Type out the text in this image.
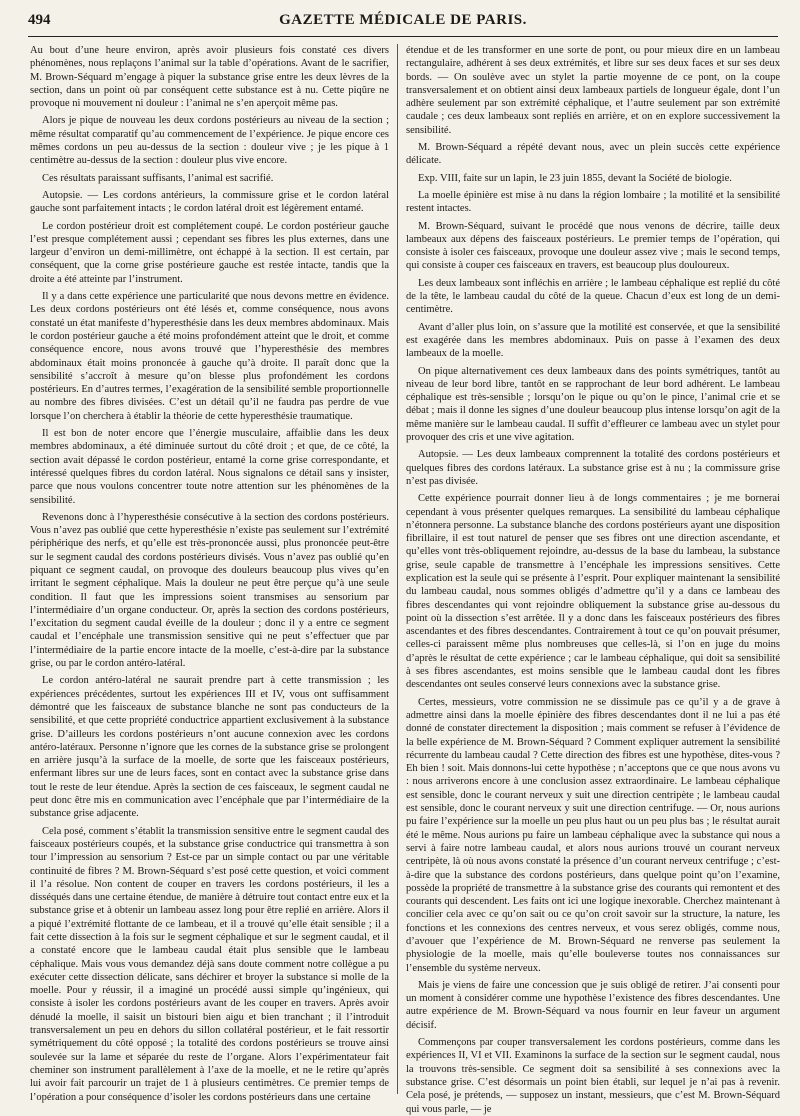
494	GAZETTE MÉDICALE DE PARIS.

Au bout d’une heure environ, après avoir plusieurs fois constaté ces divers phénomènes, nous replaçons l’animal sur la table d’opérations. Avant de le sacrifier, M. Brown-Séquard m’engage à piquer la substance grise entre les deux lèvres de la section, dans un point où par conséquent cette substance est à nu. Cette piqûre ne provoque ni mouvement ni douleur : l’animal ne s’en aperçoit même pas.

Alors je pique de nouveau les deux cordons postérieurs au niveau de la section ; même résultat comparatif qu’au commencement de l’expérience. Je pique encore ces mêmes cordons un peu au-dessus de la section : douleur vive ; je les pique à 1 centimètre au-dessus de la section : douleur plus vive encore.

Ces résultats paraissant suffisants, l’animal est sacrifié.

Autopsie. — Les cordons antérieurs, la commissure grise et le cordon latéral gauche sont parfaitement intacts ; le cordon latéral droit est légèrement entamé.

Le cordon postérieur droit est complétement coupé. Le cordon postérieur gauche l’est presque complétement aussi ; cependant ses fibres les plus externes, dans une largeur d’environ un demi-millimètre, ont échappé à la section. Il est certain, par conséquent, que la corne grise postérieure gauche est restée intacte, tandis que la droite a été atteinte par l’instrument.

Il y a dans cette expérience une particularité que nous devons mettre en évidence. Les deux cordons postérieurs ont été lésés et, comme conséquence, nous avons constaté un état manifeste d’hyperesthésie dans les deux membres abdominaux. Mais le cordon postérieur gauche a été moins profondément atteint que le droit, et comme conséquence encore, nous avons trouvé que l’hyperesthésie des membres abdominaux était moins prononcée à gauche qu’à droite. Il paraît donc que la sensibilité s’accroît à mesure qu’on blesse plus profondément les cordons postérieurs. En d’autres termes, l’exagération de la sensibilité semble proportionnelle au nombre des fibres divisées. C’est un détail qu’il ne faudra pas perdre de vue lorsque l’on cherchera à établir la théorie de cette hyperesthésie traumatique.

Il est bon de noter encore que l’énergie musculaire, affaiblie dans les deux membres abdominaux, a été diminuée surtout du côté droit ; et que, de ce côté, la section avait dépassé le cordon postérieur, entamé la corne grise correspondante, et intéressé quelques fibres du cordon latéral. Nous signalons ce détail sans y insister, parce que nous voulons concentrer toute notre attention sur les phénomènes de la sensibilité.

Revenons donc à l’hyperesthésie consécutive à la section des cordons postérieurs. Vous n’avez pas oublié que cette hyperesthésie n’existe pas seulement sur l’extrémité périphérique des nerfs, et qu’elle est très-prononcée aussi, plus prononcée peut-être sur le segment caudal des cordons postérieurs divisés. Vous n’avez pas oublié qu’en piquant ce segment caudal, on provoque des douleurs beaucoup plus vives qu’en irritant le segment céphalique. Mais la douleur ne peut être perçue qu’à une seule condition. Il faut que les impressions soient transmises au sensorium par l’intermédiaire d’un organe conducteur. Or, après la section des cordons postérieurs, l’excitation du segment caudal éveille de la douleur ; donc il y a entre ce segment caudal et l’encéphale une transmission sensitive qui ne peut s’effectuer que par l’intermédiaire de la partie encore intacte de la moelle, c’est-à-dire par la substance grise, ou par le cordon antéro-latéral.

Le cordon antéro-latéral ne saurait prendre part à cette transmission ; les expériences précédentes, surtout les expériences III et IV, vous ont suffisamment démontré que les faisceaux de substance blanche ne sont pas conducteurs de la sensibilité, et que cette propriété conductrice appartient exclusivement à la substance grise. D’ailleurs les cordons postérieurs n’ont aucune connexion avec les cordons antéro-latéraux. Personne n’ignore que les cornes de la substance grise se prolongent en arrière jusqu’à la surface de la moelle, de sorte que les faisceaux postérieurs, enfermant libres sur une de leurs faces, sont en contact avec la substance grise dans tout le reste de leur étendue. Après la section de ces faisceaux, le segment caudal ne peut donc être mis en communication avec l’encéphale que par l’intermédiaire de la substance grise adjacente.

Cela posé, comment s’établit la transmission sensitive entre le segment caudal des faisceaux postérieurs coupés, et la substance grise conductrice qui transmettra à son tour l’impression au sensorium ? Est-ce par un simple contact ou par une véritable continuité de fibres ? M. Brown-Séquard s’est posé cette question, et voici comment il l’a résolue. Non content de couper en travers les cordons postérieurs, il les a disséqués dans une certaine étendue, de manière à détruire tout contact entre eux et la substance grise et à obtenir un lambeau assez long pour être replié en arrière. Alors il a piqué l’extrémité flottante de ce lambeau, et il a trouvé qu’elle était sensible ; il a fait cette dissection à la fois sur le segment céphalique et sur le segment caudal, et il a constaté encore que le lambeau caudal était plus sensible que le lambeau céphalique. Mais vous vous demandez déjà sans doute comment notre collègue a pu exécuter cette dissection délicate, sans déchirer et broyer la substance si molle de la moelle. Pour y réussir, il a imaginé un procédé aussi simple qu’ingénieux, qui consiste à isoler les cordons postérieurs avant de les couper en travers. Après avoir dénudé la moelle, il saisit un bistouri bien aigu et bien tranchant ; il l’introduit transversalement un peu en dehors du sillon collatéral postérieur, et le fait ressortir symétriquement du côté opposé ; la totalité des cordons postérieurs se trouve ainsi soulevée sur la lame et séparée du reste de l’organe. Alors l’expérimentateur fait cheminer son instrument parallèlement à l’axe de la moelle, et ne le retire qu’après lui avoir fait parcourir un trajet de 1 à plusieurs centimètres. Ce premier temps de l’opération a pour conséquence d’isoler les cordons postérieurs dans une certaine

étendue et de les transformer en une sorte de pont, ou pour mieux dire en un lambeau rectangulaire, adhérent à ses deux extrémités, et libre sur ses deux faces et sur ses deux bords. — On soulève avec un stylet la partie moyenne de ce pont, on la coupe transversalement et on obtient ainsi deux lambeaux partiels de longueur égale, dont l’un adhère seulement par son extrémité céphalique, et l’autre seulement par son extrémité caudale ; ces deux lambeaux sont repliés en arrière, et on en explore successivement la sensibilité.

M. Brown-Séquard a répété devant nous, avec un plein succès cette expérience délicate.

Exp. VIII, faite sur un lapin, le 23 juin 1855, devant la Société de biologie.

La moelle épinière est mise à nu dans la région lombaire ; la motilité et la sensibilité restent intactes.

M. Brown-Séquard, suivant le procédé que nous venons de décrire, taille deux lambeaux aux dépens des faisceaux postérieurs. Le premier temps de l’opération, qui consiste à isoler ces faisceaux, provoque une douleur assez vive ; mais le second temps, qui consiste à couper ces faisceaux en travers, est beaucoup plus douloureux.

Les deux lambeaux sont infléchis en arrière ; le lambeau céphalique est replié du côté de la tête, le lambeau caudal du côté de la queue. Chacun d’eux est long de un demi-centimètre.

Avant d’aller plus loin, on s’assure que la motilité est conservée, et que la sensibilité est exagérée dans les membres abdominaux. Puis on passe à l’examen des deux lambeaux de la moelle.

On pique alternativement ces deux lambeaux dans des points symétriques, tantôt au niveau de leur bord libre, tantôt en se rapprochant de leur bord adhérent. Le lambeau céphalique est très-sensible ; lorsqu’on le pique ou qu’on le pince, l’animal crie et se débat ; mais il donne les signes d’une douleur beaucoup plus intense lorsqu’on agit de la même manière sur le lambeau caudal. Il suffit d’effleurer ce lambeau avec un stylet pour provoquer des cris et une vive agitation.

Autopsie. — Les deux lambeaux comprennent la totalité des cordons postérieurs et quelques fibres des cordons latéraux. La substance grise est à nu ; la commissure grise n’est pas divisée.

Cette expérience pourrait donner lieu à de longs commentaires ; je me bornerai cependant à vous présenter quelques remarques. La sensibilité du lambeau céphalique n’étonnera personne. La substance blanche des cordons postérieurs ayant une disposition fibrillaire, il est tout naturel de penser que ses fibres ont une direction ascendante, et qu’elles vont très-obliquement rejoindre, au-dessus de la base du lambeau, la substance grise, seule capable de transmettre à l’encéphale les impressions sensitives. Cette explication est la seule qui se présente à l’esprit. Pour expliquer maintenant la sensibilité du lambeau caudal, nous sommes obligés d’admettre qu’il y a dans ce lambeau des fibres descendantes qui vont rejoindre obliquement la substance grise au-dessous du point où la dissection s’est arrêtée. Il y a donc dans les faisceaux postérieurs des fibres ascendantes et des fibres descendantes. Contrairement à tout ce qu’on pouvait présumer, celles-ci paraissent même plus nombreuses que celles-là, si l’on en juge du moins d’après le résultat de cette expérience ; car le lambeau céphalique, qui doit sa sensibilité à ses fibres ascendantes, est moins sensible que le lambeau caudal dont les fibres descendantes ont seules conservé leurs connexions avec la substance grise.

Certes, messieurs, votre commission ne se dissimule pas ce qu’il y a de grave à admettre ainsi dans la moelle épinière des fibres descendantes dont il ne lui a pas été donné de constater directement la disposition ; mais comment se refuser à l’évidence de la belle expérience de M. Brown-Séquard ? Comment expliquer autrement la sensibilité récurrente du lambeau caudal ? Cette direction des fibres est une hypothèse, dites-vous ? Eh bien ! soit. Mais donnons-lui cette hypothèse ; n’acceptons que ce que nous avons vu : nous arriverons encore à une conclusion assez extraordinaire. Le lambeau céphalique est sensible, donc le courant nerveux y suit une direction centripète ; le lambeau caudal est sensible, donc le courant nerveux y suit une direction centrifuge. — Or, nous aurions pu faire l’expérience sur la moelle un peu plus haut ou un peu plus bas ; le résultat aurait été le même. Nous aurions pu faire un lambeau céphalique avec la substance qui nous a servi à faire notre lambeau caudal, et alors nous aurions trouvé un courant nerveux centripète, là où nous avons constaté la présence d’un courant nerveux centrifuge ; c’est-à-dire que la substance des cordons postérieurs, dans quelque point qu’on l’examine, possède la propriété de transmettre à la substance grise des courants qui remontent et des courants qui descendent. Les faits ont ici une logique inexorable. Cherchez maintenant à concilier cela avec ce qu’on sait ou ce qu’on croit savoir sur la structure, la nature, les fonctions et les connexions des centres nerveux, et vous serez obligés, comme nous, d’avouer que l’expérience de M. Brown-Séquard ne renverse pas seulement la physiologie de la moelle, mais qu’elle bouleverse toutes nos connaissances sur l’ensemble du système nerveux.

Mais je viens de faire une concession que je suis obligé de retirer. J’ai consenti pour un moment à considérer comme une hypothèse l’existence des fibres descendantes. Une autre expérience de M. Brown-Séquard va nous fournir en leur faveur un argument décisif.

Commençons par couper transversalement les cordons postérieurs, comme dans les expériences II, VI et VII. Examinons la surface de la section sur le segment caudal, nous la trouvons très-sensible. Ce segment doit sa sensibilité à ses connexions avec la substance grise. C’est désormais un point bien établi, sur lequel je n’ai pas à revenir. Cela posé, je prétends, — supposez un instant, messieurs, que c’est M. Brown-Séquard qui vous parle, — je
